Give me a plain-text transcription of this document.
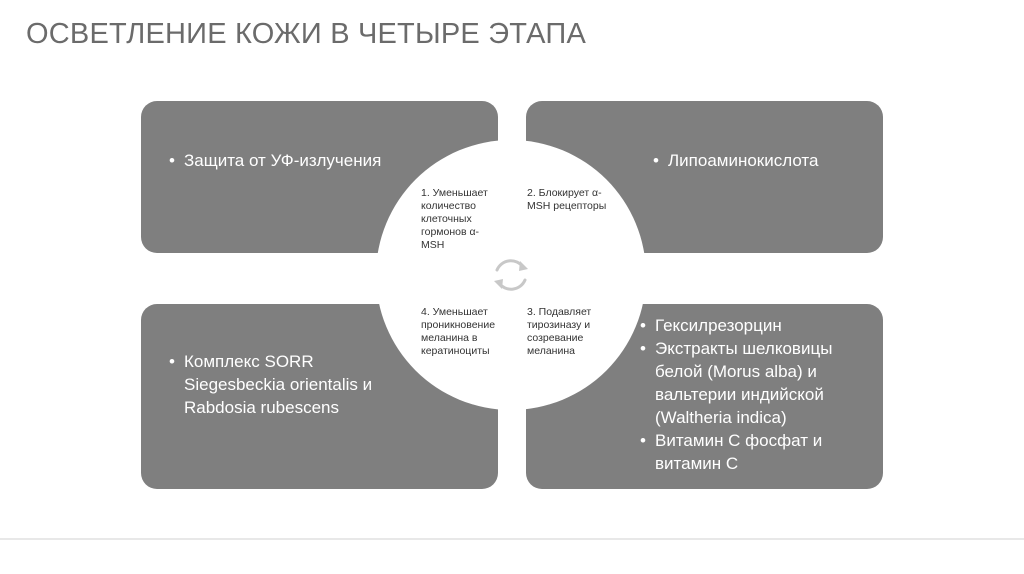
ОСВЕТЛЕНИЕ КОЖИ В ЧЕТЫРЕ ЭТАПА
• Защита от УФ-излучения
•	Липоаминокислота
• Комплекс SORR Siegesbeckia orientalis и Rabdosia rubescens
• Гексилрезорцин
• Экстракты шелковицы белой (Morus alba) и вальтерии индийской (Waltheria indica)
• Витамин С фосфат и витамин С
1. Уменьшает количество клеточных гормонов α-MSH
2. Блокирует α-MSH рецепторы
3. Подавляет тирозиназу и созревание меланина
4. Уменьшает проникновение меланина в кератиноциты
